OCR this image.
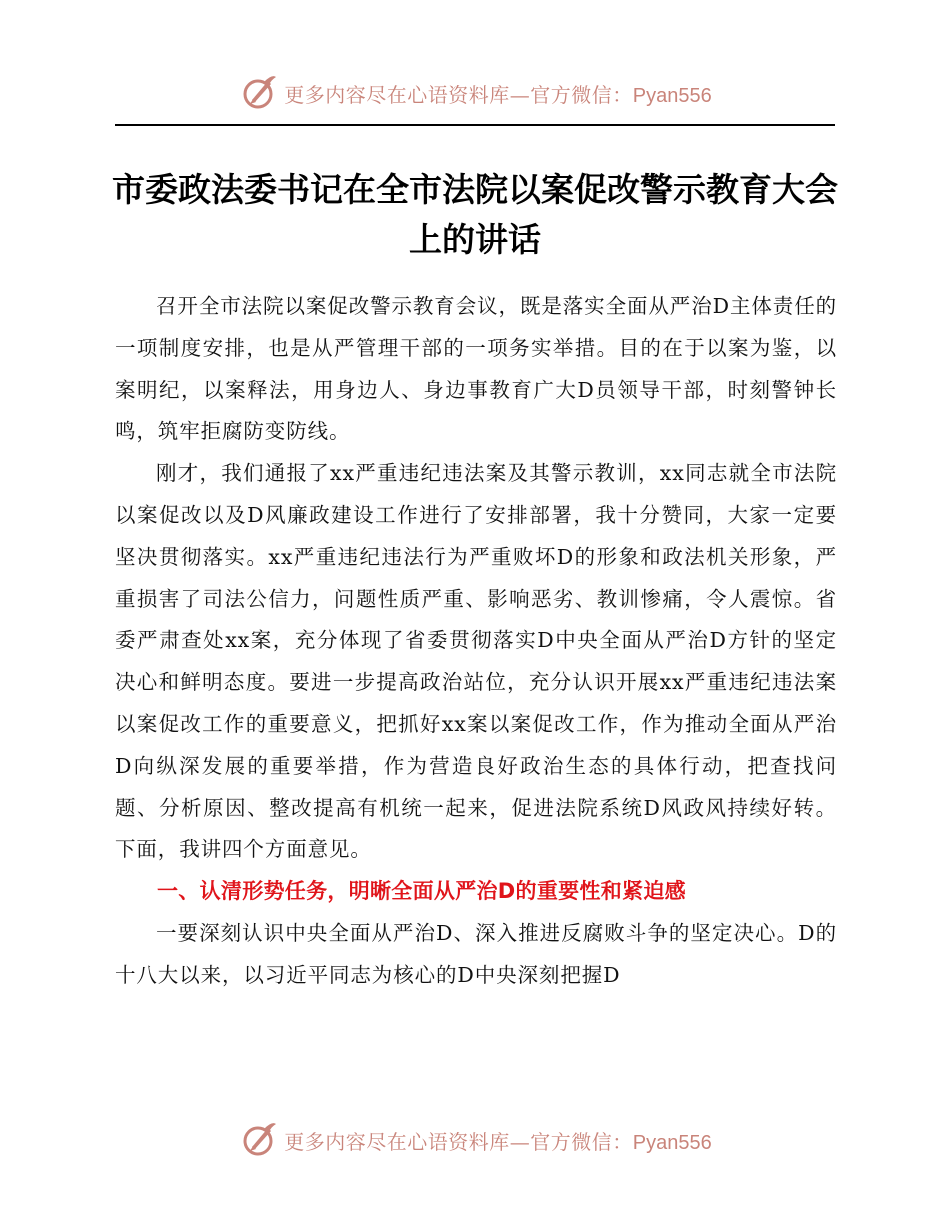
更多内容尽在心语资料库—官方微信：Pyan556
市委政法委书记在全市法院以案促改警示教育大会上的讲话

召开全市法院以案促改警示教育会议，既是落实全面从严治D主体责任的一项制度安排，也是从严管理干部的一项务实举措。目的在于以案为鉴，以案明纪，以案释法，用身边人、身边事教育广大D员领导干部，时刻警钟长鸣，筑牢拒腐防变防线。

刚才，我们通报了xx严重违纪违法案及其警示教训，xx同志就全市法院以案促改以及D风廉政建设工作进行了安排部署，我十分赞同，大家一定要坚决贯彻落实。xx严重违纪违法行为严重败坏D的形象和政法机关形象，严重损害了司法公信力，问题性质严重、影响恶劣、教训惨痛，令人震惊。省委严肃查处xx案，充分体现了省委贯彻落实D中央全面从严治D方针的坚定决心和鲜明态度。要进一步提高政治站位，充分认识开展xx严重违纪违法案以案促改工作的重要意义，把抓好xx案以案促改工作，作为推动全面从严治D向纵深发展的重要举措，作为营造良好政治生态的具体行动，把查找问题、分析原因、整改提高有机统一起来，促进法院系统D风政风持续好转。下面，我讲四个方面意见。

一、认清形势任务，明晰全面从严治D的重要性和紧迫感

一要深刻认识中央全面从严治D、深入推进反腐败斗争的坚定决心。D的十八大以来，以习近平同志为核心的D中央深刻把握D

更多内容尽在心语资料库—官方微信：Pyan556
